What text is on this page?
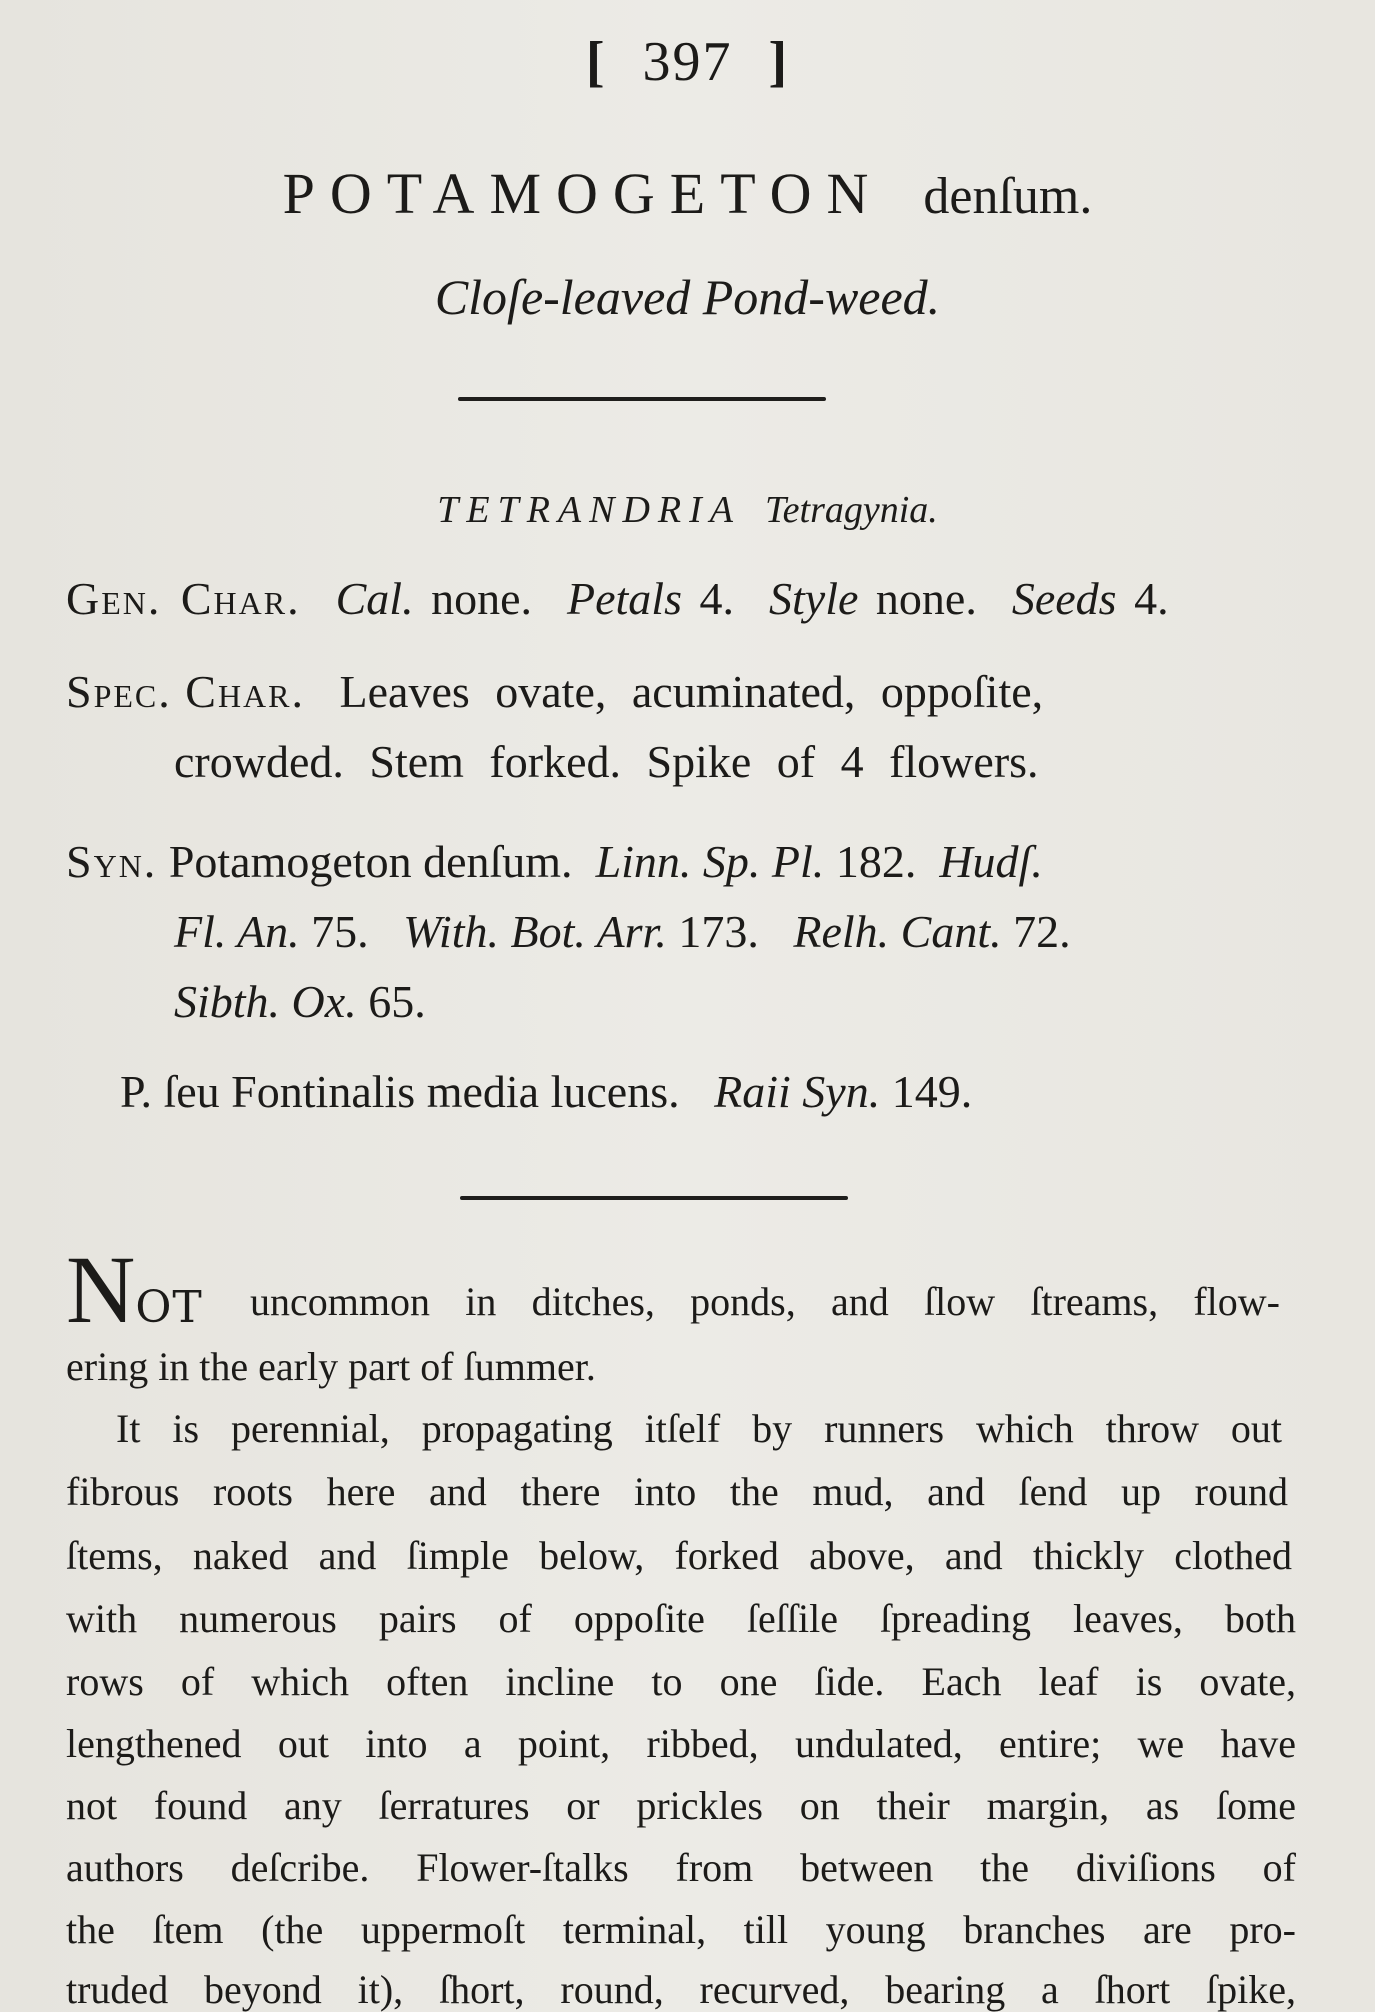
[ 397 ]
POTAMOGETON denſum.
Cloſe-leaved Pond-weed.
TETRANDRIA Tetragynia.
Gen. Char. Cal. none. Petals 4. Style none. Seeds 4.
Spec. Char. Leaves ovate, acuminated, oppoſite,
crowded. Stem forked. Spike of 4 flowers.
Syn. Potamogeton denſum. Linn. Sp. Pl. 182. Hudſ.
Fl. An. 75. With. Bot. Arr. 173. Relh. Cant. 72.
Sibth. Ox. 65.
P. ſeu Fontinalis media lucens. Raii Syn. 149.
NOT uncommon in ditches, ponds, and ſlow ſtreams, flow-
ering in the early part of ſummer.
It is perennial, propagating itſelf by runners which throw out
fibrous roots here and there into the mud, and ſend up round
ſtems, naked and ſimple below, forked above, and thickly clothed
with numerous pairs of oppoſite ſeſſile ſpreading leaves, both
rows of which often incline to one ſide. Each leaf is ovate,
lengthened out into a point, ribbed, undulated, entire; we have
not found any ſerratures or prickles on their margin, as ſome
authors deſcribe. Flower-ſtalks from between the diviſions of
the ſtem (the uppermoſt terminal, till young branches are pro-
truded beyond it), ſhort, round, recurved, bearing a ſhort ſpike,
